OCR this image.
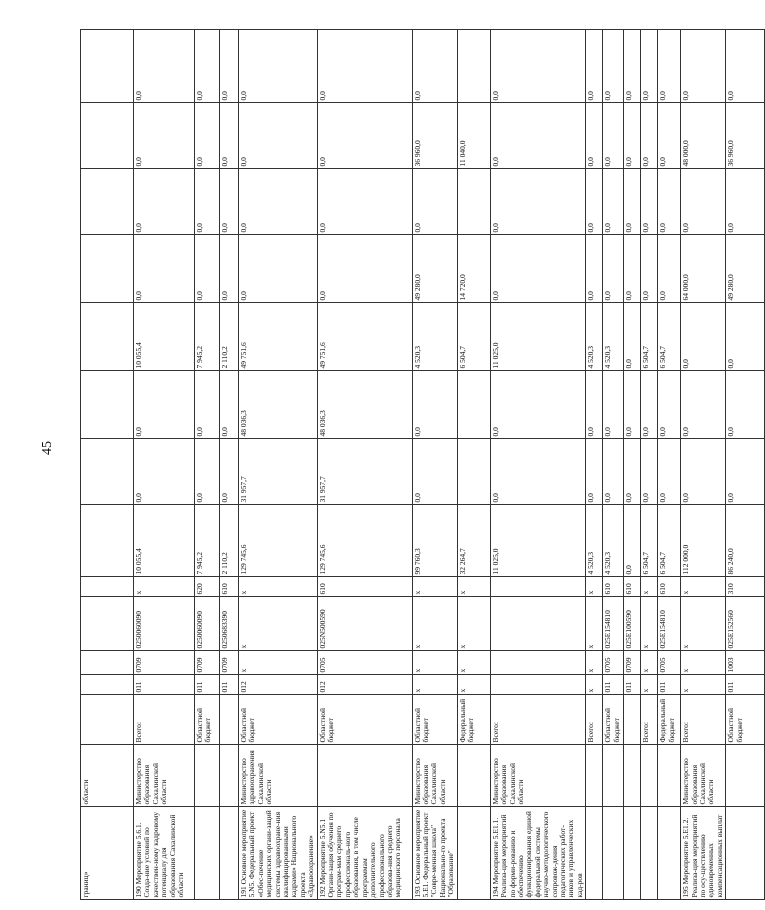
45
границ»	области													
190 Мероприятие 5.6.1. Созда-ние условий по качествен-ному кадровому потенциалу для образования Сахалинской области	Министерство образования Сахалинской области	Всего:	011	0709	0250060090	х	10 055,4	0,0	0,0	10 055,4	0,0	0,0	0,0	0,0
		Областной бюджет	011	0709	0250060090	620	7 945,2	0,0	0,0	7 945,2	0,0	0,0	0,0	0,0
			011	0709	0250683390	610	2 110,2	0,0	0,0	2 110,2	0,0	0,0	0,0	0,0
191 Основное мероприятие 5.N5. Федеральный проект «Обес-печение медицинских органи-заций системы здравоохране-ния квалифицированными кадрами» Национального проекта «Здравоохранение»	Министерство здравоохранения Сахалинской области	Областной бюджет	012	х	х	х	129 745,6	31 957,7	48 036,3	49 751,6	0,0	0,0	0,0	0,0
192 Мероприятие 5.N5.1 Органи-зация обучения по програм-мам среднего профессиональ-ного образования, в том числе программам дополнительного профессионального образова-ния среднего медицинского персонала		Областной бюджет	012	0705	025N500590	610	129 745,6	31 957,7	48 036,3	49 751,6	0,0	0,0	0,0	0,0
193 Основное мероприятие 5.Е1. Федеральный проект "Совре-менная школа" Национально-го проекта "Образование"	Министерство образования Сахалинской области	Областной бюджет	х	х	х	х	99 760,3	0,0	0,0	4 520,3	49 280,0	0,0	36 960,0	0,0
		Федеральный бюджет	х	х	х	х	32 264,7			6 504,7	14 720,0		11 040,0	
194 Мероприятие 5.Е1.1. Реализа-ция мероприятий по форми-рованию и обеспечению функционирования единой федеральной системы научно-методологического сопровож-дения педагогических работ-ников и управленческих кад-ров	Министерство образования Сахалинской области	Всего:					11 025,0	0,0	0,0	11 025,0	0,0	0,0	0,0	0,0
		Всего:	х	х	х	х	4 520,3	0,0	0,0	4 520,3	0,0	0,0	0,0	0,0
		Областной бюджет	011	0705	025E154810	610	4 520,3	0,0	0,0	4 520,3	0,0	0,0	0,0	0,0
			011	0709	025E100590	610	0,0	0,0	0,0	0,0	0,0	0,0	0,0	0,0
		Всего:	х	х	х	х	6 504,7	0,0	0,0	6 504,7	0,0	0,0	0,0	0,0
		Федеральный бюджет	011	0705	025E154810	610	6 504,7	0,0	0,0	6 504,7	0,0	0,0	0,0	0,0
195 Мероприятие 5.Е1.2. Реализа-ция мероприятий по осу-ществлению единовременных компенсационных выплат	Министерство образования Сахалинской области	Всего:	х	х	х	х	112 000,0	0,0	0,0	0,0	64 000,0	0,0	48 000,0	0,0
		Областной бюджет	011	1003	025E152560	310	86 240,0	0,0	0,0	0,0	49 280,0	0,0	36 960,0	0,0
